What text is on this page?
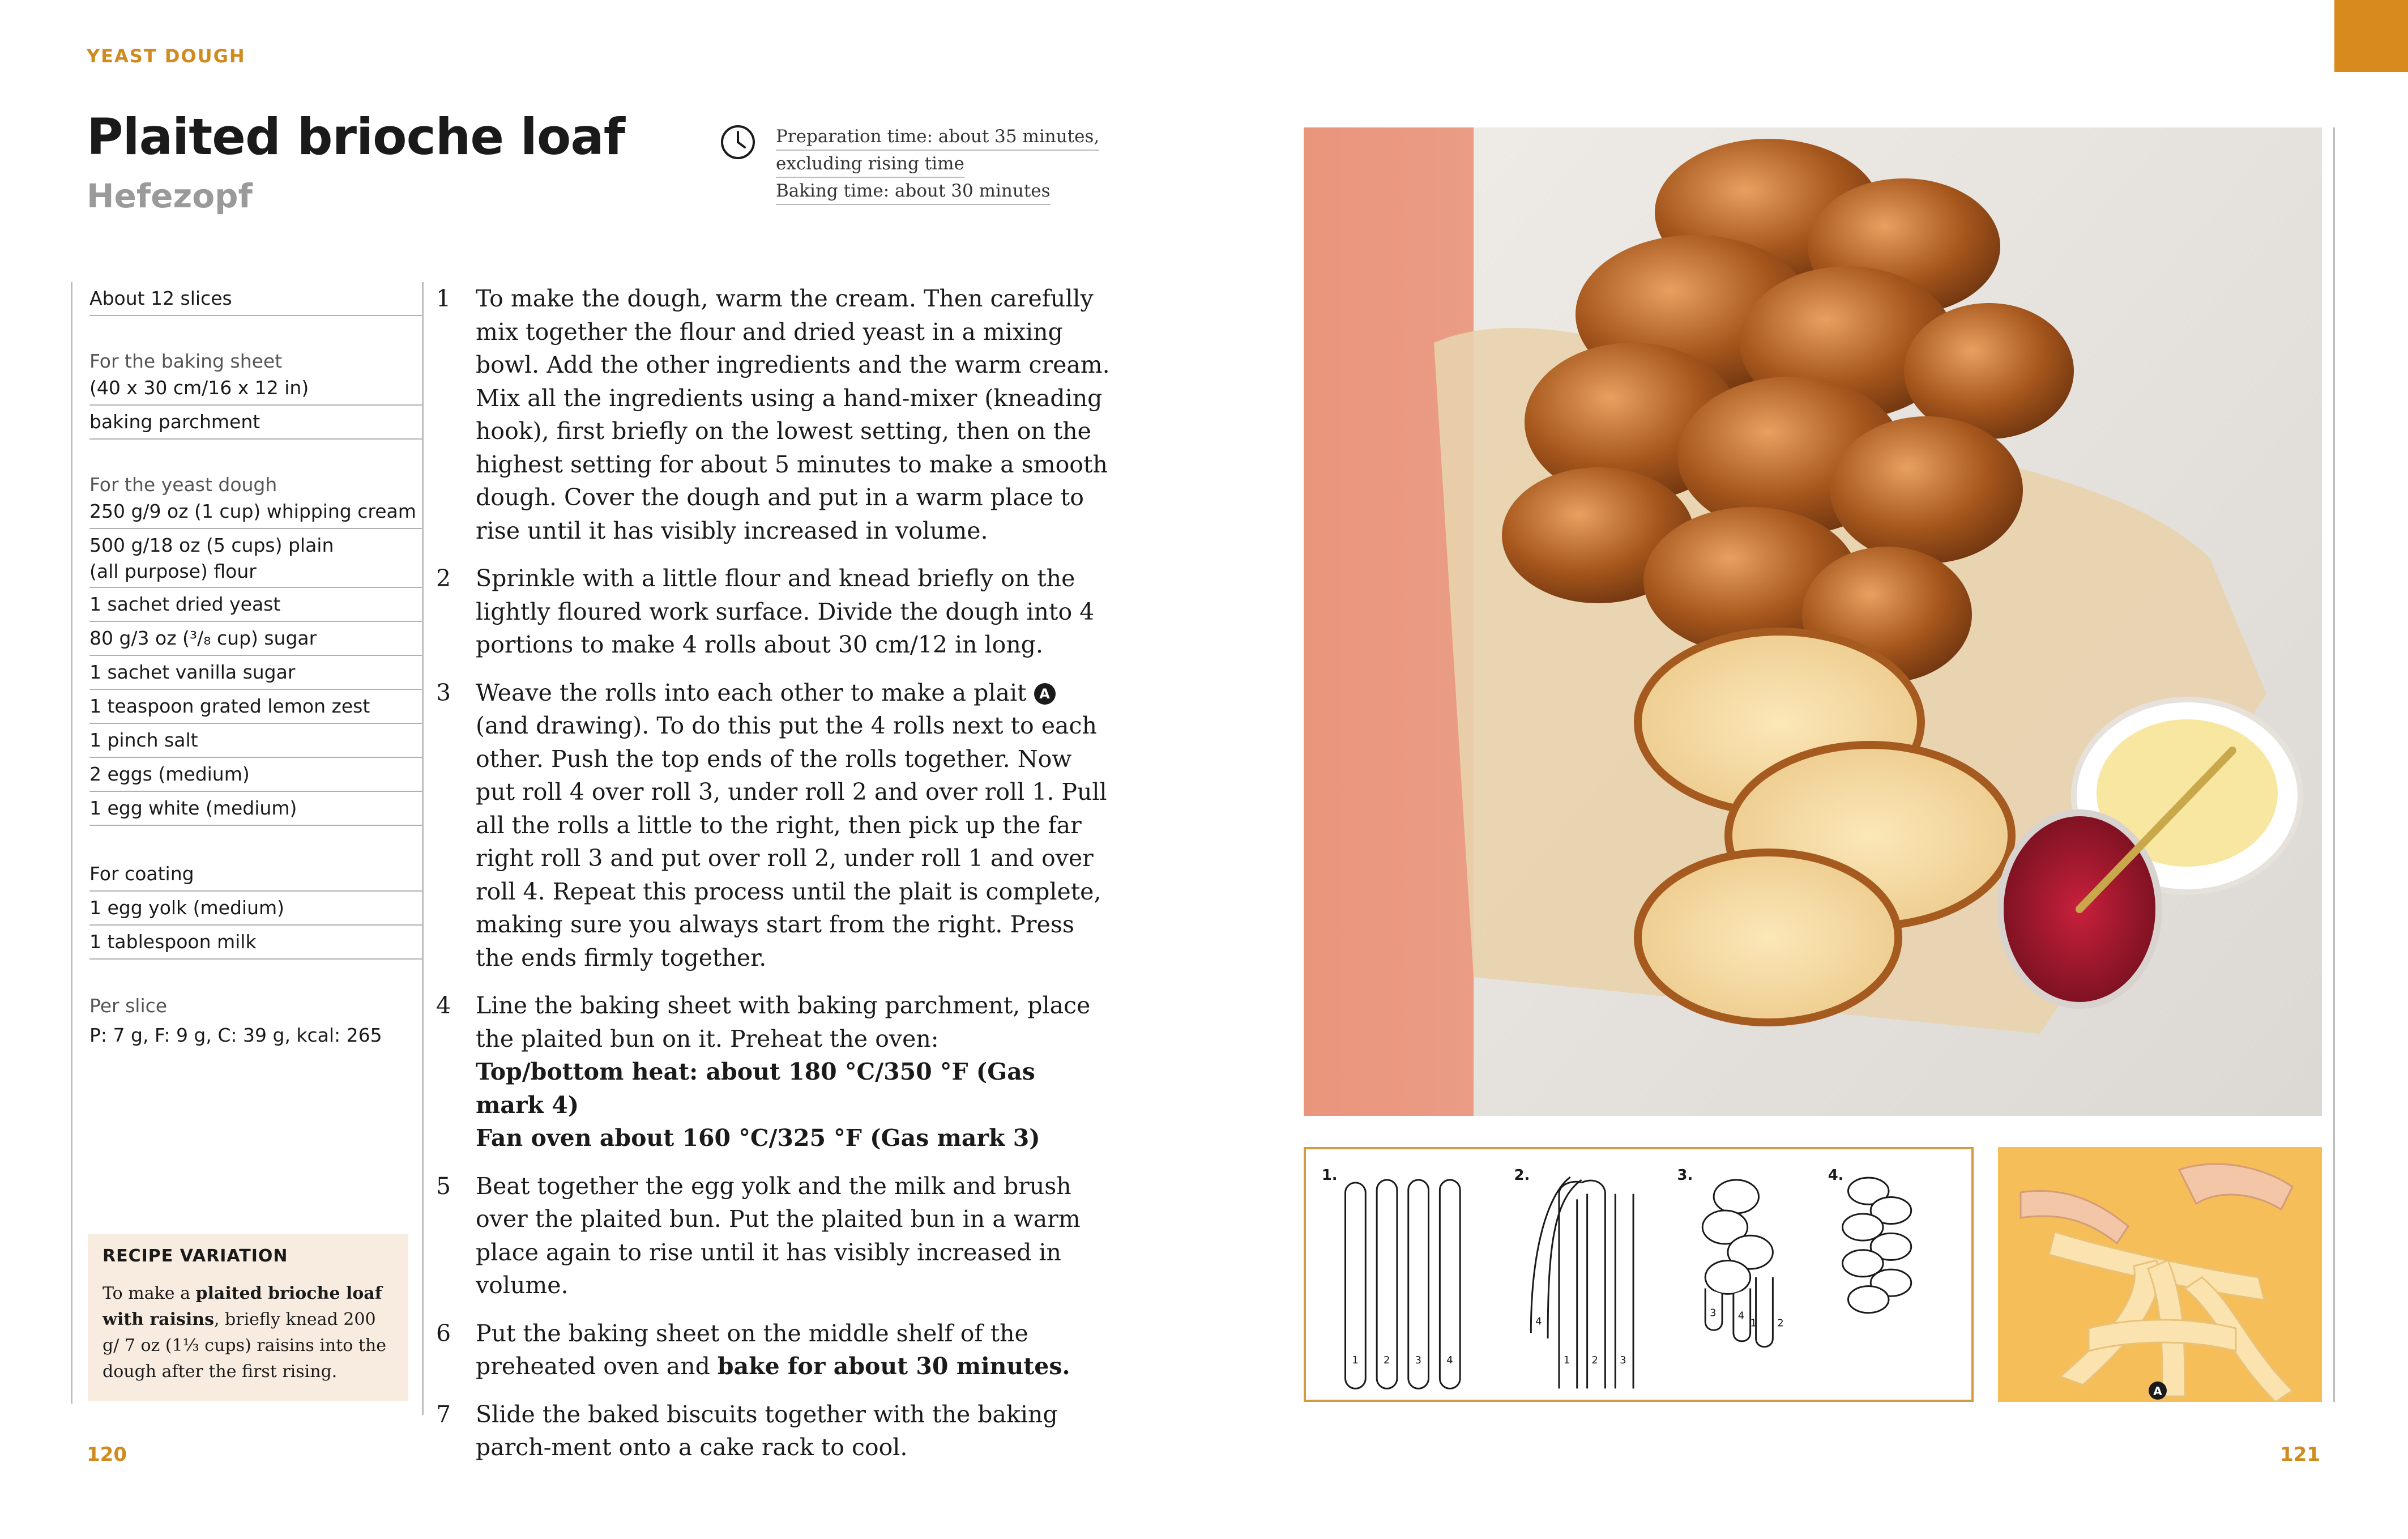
YEAST DOUGH
Plaited brioche loaf
Hefezopf
Preparation time: about 35 minutes,
excluding rising time
Baking time: about 30 minutes
About 12 slices
For the baking sheet
(40 x 30 cm/16 x 12 in)
baking parchment
For the yeast dough
250 g/9 oz (1 cup) whipping cream
500 g/18 oz (5 cups) plain
(all purpose) flour
1 sachet dried yeast
80 g/3 oz (³/₈ cup) sugar
1 sachet vanilla sugar
1 teaspoon grated lemon zest
1 pinch salt
2 eggs (medium)
1 egg white (medium)
For coating
1 egg yolk (medium)
1 tablespoon milk
Per slice
P: 7 g, F: 9 g, C: 39 g, kcal: 265
RECIPE VARIATION
To make a plaited brioche loaf with raisins, briefly knead 200 g/ 7 oz (1⅓ cups) raisins into the dough after the first rising.
1	To make the dough, warm the cream. Then carefully mix together the flour and dried yeast in a mixing bowl. Add the other ingredients and the warm cream. Mix all the ingredients using a hand-mixer (kneading hook), first briefly on the lowest setting, then on the highest setting for about 5 minutes to make a smooth dough. Cover the dough and put in a warm place to rise until it has visibly increased in volume.
2	Sprinkle with a little flour and knead briefly on the lightly floured work surface. Divide the dough into 4 portions to make 4 rolls about 30 cm/12 in long.
3	Weave the rolls into each other to make a plait A (and drawing). To do this put the 4 rolls next to each other. Push the top ends of the rolls together. Now put roll 4 over roll 3, under roll 2 and over roll 1. Pull all the rolls a little to the right, then pick up the far right roll 3 and put over roll 2, under roll 1 and over roll 4. Repeat this process until the plait is complete, making sure you always start from the right. Press the ends firmly together.
4	Line the baking sheet with baking parchment, place the plaited bun on it. Preheat the oven:
Top/bottom heat: about 180 °C/350 °F (Gas mark 4)
Fan oven about 160 °C/325 °F (Gas mark 3)
5	Beat together the egg yolk and the milk and brush over the plaited bun. Put the plaited bun in a warm place again to rise until it has visibly increased in volume.
6	Put the baking sheet on the middle shelf of the preheated oven and bake for about 30 minutes.
7	Slide the baked biscuits together with the baking parch-ment onto a cake rack to cool.
1.	2.	3.	4.
1 2 3 4
4
1 2 3
3 4
1 2
A
120	121
